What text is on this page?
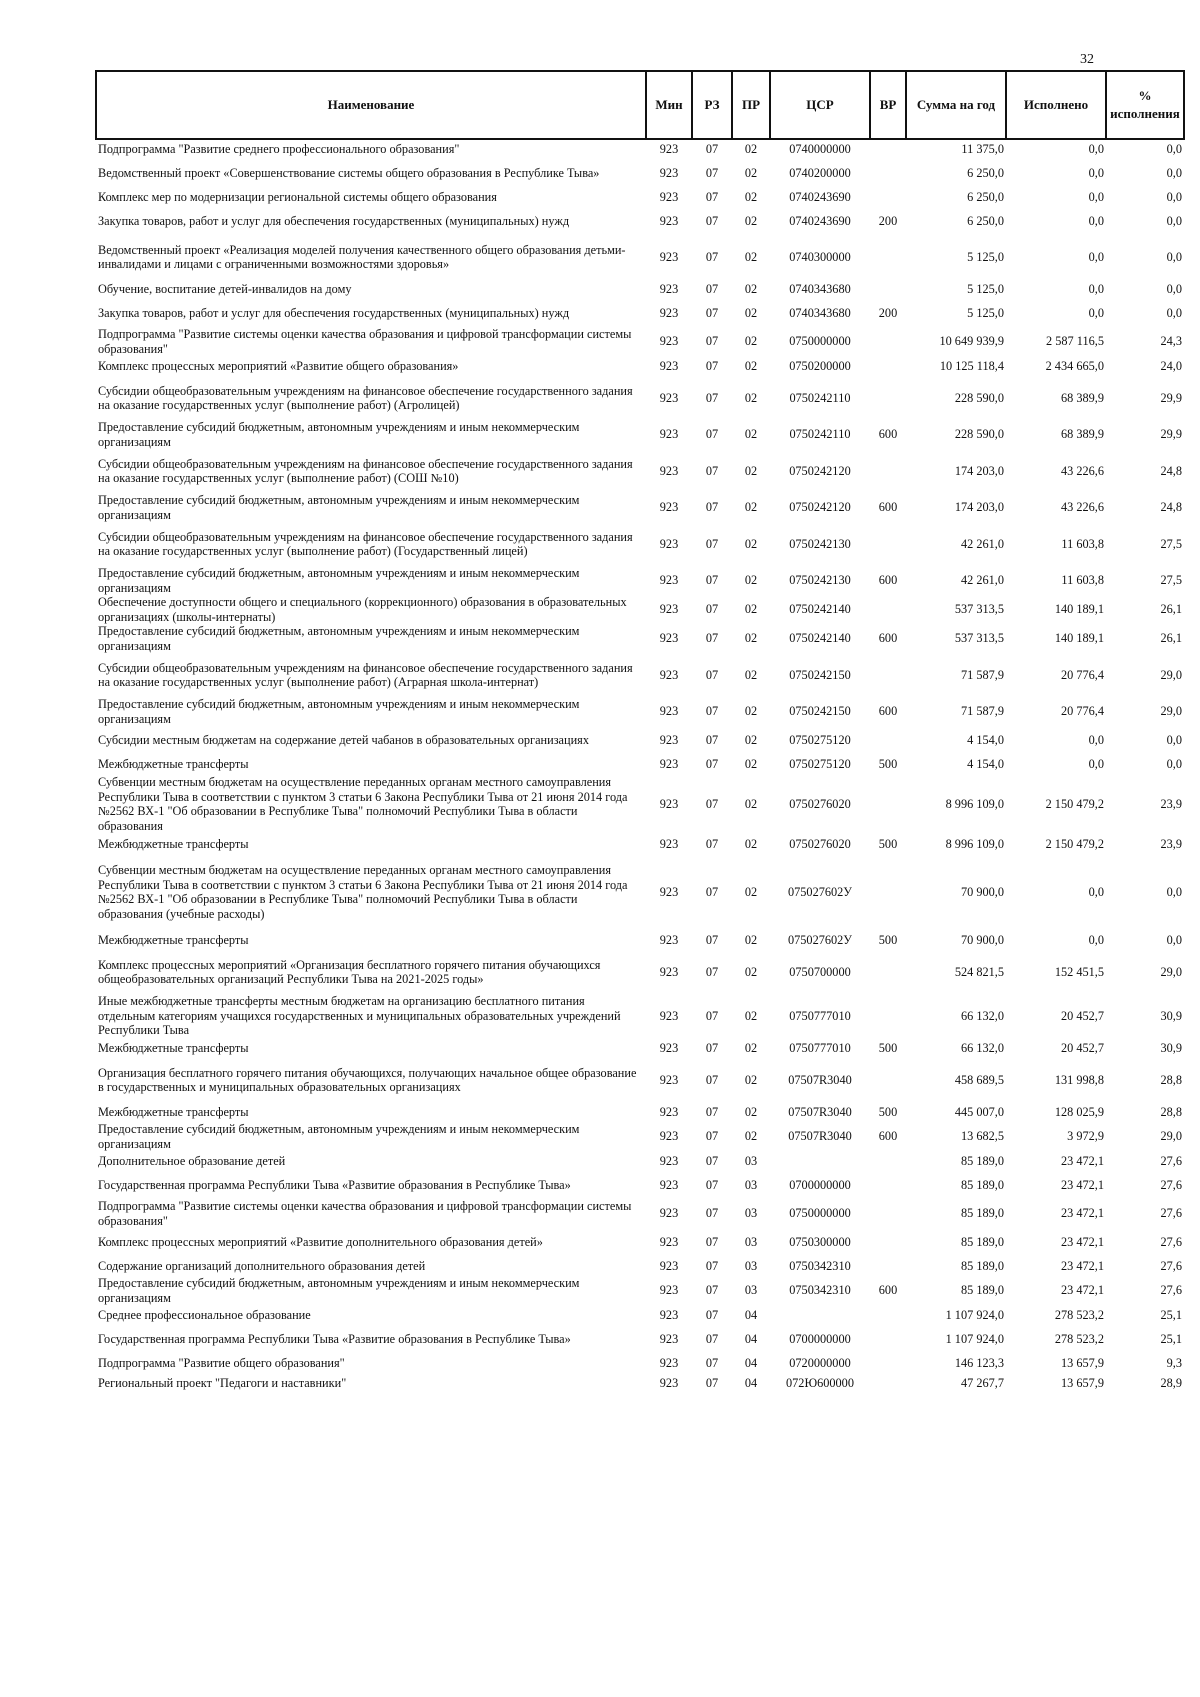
32
Наименование	Мин	РЗ	ПР	ЦСР	ВР	Сумма на год	Исполнено	% исполнения
Подпрограмма "Развитие среднего профессионального образования"	923	07	02	0740000000		11 375,0	0,0	0,0
Ведомственный проект «Совершенствование системы общего образования в Республике Тыва»	923	07	02	0740200000		6 250,0	0,0	0,0
Комплекс мер по модернизации региональной системы общего образования	923	07	02	0740243690		6 250,0	0,0	0,0
Закупка товаров, работ и услуг для обеспечения государственных (муниципальных) нужд	923	07	02	0740243690	200	6 250,0	0,0	0,0
Ведомственный проект «Реализация моделей получения качественного общего образования детьми-инвалидами и лицами с ограниченными возможностями здоровья»	923	07	02	0740300000		5 125,0	0,0	0,0
Обучение, воспитание детей-инвалидов на дому	923	07	02	0740343680		5 125,0	0,0	0,0
Закупка товаров, работ и услуг для обеспечения государственных (муниципальных) нужд	923	07	02	0740343680	200	5 125,0	0,0	0,0
Подпрограмма "Развитие системы оценки качества образования и цифровой трансформации системы образования"	923	07	02	0750000000		10 649 939,9	2 587 116,5	24,3
Комплекс процессных мероприятий «Развитие общего образования»	923	07	02	0750200000		10 125 118,4	2 434 665,0	24,0
Субсидии общеобразовательным учреждениям на финансовое обеспечение государственного задания на оказание государственных услуг (выполнение работ) (Агролицей)	923	07	02	0750242110		228 590,0	68 389,9	29,9
Предоставление субсидий бюджетным, автономным учреждениям и иным некоммерческим организациям	923	07	02	0750242110	600	228 590,0	68 389,9	29,9
Субсидии общеобразовательным учреждениям на финансовое обеспечение государственного задания на оказание государственных услуг (выполнение работ) (СОШ №10)	923	07	02	0750242120		174 203,0	43 226,6	24,8
Предоставление субсидий бюджетным, автономным учреждениям и иным некоммерческим организациям	923	07	02	0750242120	600	174 203,0	43 226,6	24,8
Субсидии общеобразовательным учреждениям на финансовое обеспечение государственного задания на оказание государственных услуг (выполнение работ) (Государственный лицей)	923	07	02	0750242130		42 261,0	11 603,8	27,5
Предоставление субсидий бюджетным, автономным учреждениям и иным некоммерческим организациям	923	07	02	0750242130	600	42 261,0	11 603,8	27,5
Обеспечение доступности общего и специального (коррекционного) образования в образовательных организациях (школы-интернаты)	923	07	02	0750242140		537 313,5	140 189,1	26,1
Предоставление субсидий бюджетным, автономным учреждениям и иным некоммерческим организациям	923	07	02	0750242140	600	537 313,5	140 189,1	26,1
Субсидии общеобразовательным учреждениям на финансовое обеспечение государственного задания на оказание государственных услуг (выполнение работ) (Аграрная школа-интернат)	923	07	02	0750242150		71 587,9	20 776,4	29,0
Предоставление субсидий бюджетным, автономным учреждениям и иным некоммерческим организациям	923	07	02	0750242150	600	71 587,9	20 776,4	29,0
Субсидии местным бюджетам на содержание детей чабанов в образовательных организациях	923	07	02	0750275120		4 154,0	0,0	0,0
Межбюджетные трансферты	923	07	02	0750275120	500	4 154,0	0,0	0,0
Субвенции местным бюджетам на осуществление переданных органам местного самоуправления Республики Тыва в соответствии с пунктом 3 статьи 6 Закона Республики Тыва от 21 июня 2014 года №2562 ВХ-1 "Об образовании в Республике Тыва" полномочий Республики Тыва в области образования	923	07	02	0750276020		8 996 109,0	2 150 479,2	23,9
Межбюджетные трансферты	923	07	02	0750276020	500	8 996 109,0	2 150 479,2	23,9
Субвенции местным бюджетам на осуществление переданных органам местного самоуправления Республики Тыва в соответствии с пунктом 3 статьи 6 Закона Республики Тыва от 21 июня 2014 года №2562 ВХ-1 "Об образовании в Республике Тыва" полномочий Республики Тыва в области образования (учебные расходы)	923	07	02	075027602У		70 900,0	0,0	0,0
Межбюджетные трансферты	923	07	02	075027602У	500	70 900,0	0,0	0,0
Комплекс процессных мероприятий «Организация бесплатного горячего питания обучающихся общеобразовательных организаций Республики Тыва на 2021-2025 годы»	923	07	02	0750700000		524 821,5	152 451,5	29,0
Иные межбюджетные трансферты местным бюджетам на организацию бесплатного питания отдельным категориям учащихся государственных и муниципальных образовательных учреждений Республики Тыва	923	07	02	0750777010		66 132,0	20 452,7	30,9
Межбюджетные трансферты	923	07	02	0750777010	500	66 132,0	20 452,7	30,9
Организация бесплатного горячего питания обучающихся, получающих начальное общее образование в государственных и муниципальных образовательных организациях	923	07	02	07507R3040		458 689,5	131 998,8	28,8
Межбюджетные трансферты	923	07	02	07507R3040	500	445 007,0	128 025,9	28,8
Предоставление субсидий бюджетным, автономным учреждениям и иным некоммерческим организациям	923	07	02	07507R3040	600	13 682,5	3 972,9	29,0
Дополнительное образование детей	923	07	03			85 189,0	23 472,1	27,6
Государственная программа Республики Тыва «Развитие образования в Республике Тыва»	923	07	03	0700000000		85 189,0	23 472,1	27,6
Подпрограмма "Развитие системы оценки качества образования и цифровой трансформации системы образования"	923	07	03	0750000000		85 189,0	23 472,1	27,6
Комплекс процессных мероприятий «Развитие дополнительного образования детей»	923	07	03	0750300000		85 189,0	23 472,1	27,6
Содержание организаций дополнительного образования детей	923	07	03	0750342310		85 189,0	23 472,1	27,6
Предоставление субсидий бюджетным, автономным учреждениям и иным некоммерческим организациям	923	07	03	0750342310	600	85 189,0	23 472,1	27,6
Среднее профессиональное образование	923	07	04			1 107 924,0	278 523,2	25,1
Государственная программа Республики Тыва «Развитие образования в Республике Тыва»	923	07	04	0700000000		1 107 924,0	278 523,2	25,1
Подпрограмма "Развитие общего образования"	923	07	04	0720000000		146 123,3	13 657,9	9,3
Региональный проект "Педагоги и наставники"	923	07	04	072Ю600000		47 267,7	13 657,9	28,9
